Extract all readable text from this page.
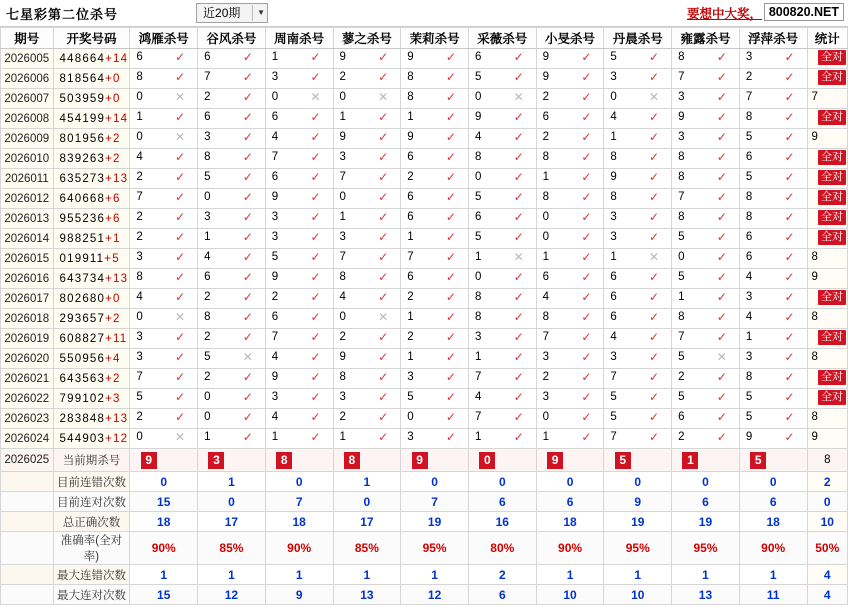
七星彩第二位杀号	近20期	▼	要想中大奖， 800820.NET
期号	开奖号码	鸿雁杀号	谷风杀号	周南杀号	蓼之杀号	茉莉杀号	采薇杀号	小旻杀号	丹晨杀号	雍露杀号	浮萍杀号	统计
2026005	448664+14	6 ✓	6 ✓	1 ✓	9 ✓	9 ✓	6 ✓	9 ✓	5 ✓	8 ✓	3 ✓	全对

2026006	818564+0	8 ✓	7 ✓	3 ✓	2 ✓	8 ✓	5 ✓	9 ✓	3 ✓	7 ✓	2 ✓	全对

2026007	503959+0	0 ✕	2 ✓	0 ✕	0 ✕	8 ✓	0 ✕	2 ✓	0 ✕	3 ✓	7 ✓	7

2026008	454199+14	1 ✓	6 ✓	6 ✓	1 ✓	1 ✓	9 ✓	6 ✓	4 ✓	9 ✓	8 ✓	全对

2026009	801956+2	0 ✕	3 ✓	4 ✓	9 ✓	9 ✓	4 ✓	2 ✓	1 ✓	3 ✓	5 ✓	9

2026010	839263+2	4 ✓	8 ✓	7 ✓	3 ✓	6 ✓	8 ✓	8 ✓	8 ✓	8 ✓	6 ✓	全对

2026011	635273+13	2 ✓	5 ✓	6 ✓	7 ✓	2 ✓	0 ✓	1 ✓	9 ✓	8 ✓	5 ✓	全对

2026012	640668+6	7 ✓	0 ✓	9 ✓	0 ✓	6 ✓	5 ✓	8 ✓	8 ✓	7 ✓	8 ✓	全对

2026013	955236+6	2 ✓	3 ✓	3 ✓	1 ✓	6 ✓	6 ✓	0 ✓	3 ✓	8 ✓	8 ✓	全对

2026014	988251+1	2 ✓	1 ✓	3 ✓	3 ✓	1 ✓	5 ✓	0 ✓	3 ✓	5 ✓	6 ✓	全对

2026015	019911+5	3 ✓	4 ✓	5 ✓	7 ✓	7 ✓	1 ✕	1 ✓	1 ✕	0 ✓	6 ✓	8

2026016	643734+13	8 ✓	6 ✓	9 ✓	8 ✓	6 ✓	0 ✓	6 ✓	6 ✓	5 ✓	4 ✓	9

2026017	802680+0	4 ✓	2 ✓	2 ✓	4 ✓	2 ✓	8 ✓	4 ✓	6 ✓	1 ✓	3 ✓	全对

2026018	293657+2	0 ✕	8 ✓	6 ✓	0 ✕	1 ✓	8 ✓	8 ✓	6 ✓	8 ✓	4 ✓	8

2026019	608827+11	3 ✓	2 ✓	7 ✓	2 ✓	2 ✓	3 ✓	7 ✓	4 ✓	7 ✓	1 ✓	全对

2026020	550956+4	3 ✓	5 ✕	4 ✓	9 ✓	1 ✓	1 ✓	3 ✓	3 ✓	5 ✕	3 ✓	8

2026021	643563+2	7 ✓	2 ✓	9 ✓	8 ✓	3 ✓	7 ✓	2 ✓	7 ✓	2 ✓	8 ✓	全对

2026022	799102+3	5 ✓	0 ✓	3 ✓	3 ✓	5 ✓	4 ✓	3 ✓	5 ✓	5 ✓	5 ✓	全对

2026023	283848+13	2 ✓	0 ✓	4 ✓	2 ✓	0 ✓	7 ✓	0 ✓	5 ✓	6 ✓	5 ✓	8

2026024	544903+12	0 ✕	1 ✓	1 ✓	1 ✓	3 ✓	1 ✓	1 ✓	7 ✓	2 ✓	9 ✓	9

2026025	当前期杀号	9	3	8	8	9	0	9	5	1	5	8
	目前连错次数	0	1	0	1	0	0	0	0	0	0	2
	目前连对次数	15	0	7	0	7	6	6	9	6	6	0
	总正确次数	18	17	18	17	19	16	18	19	19	18	10
	准确率(全对率)	90%	85%	90%	85%	95%	80%	90%	95%	95%	90%	50%
	最大连错次数	1	1	1	1	1	2	1	1	1	1	4
	最大连对次数	15	12	9	13	12	6	10	10	13	11	4
